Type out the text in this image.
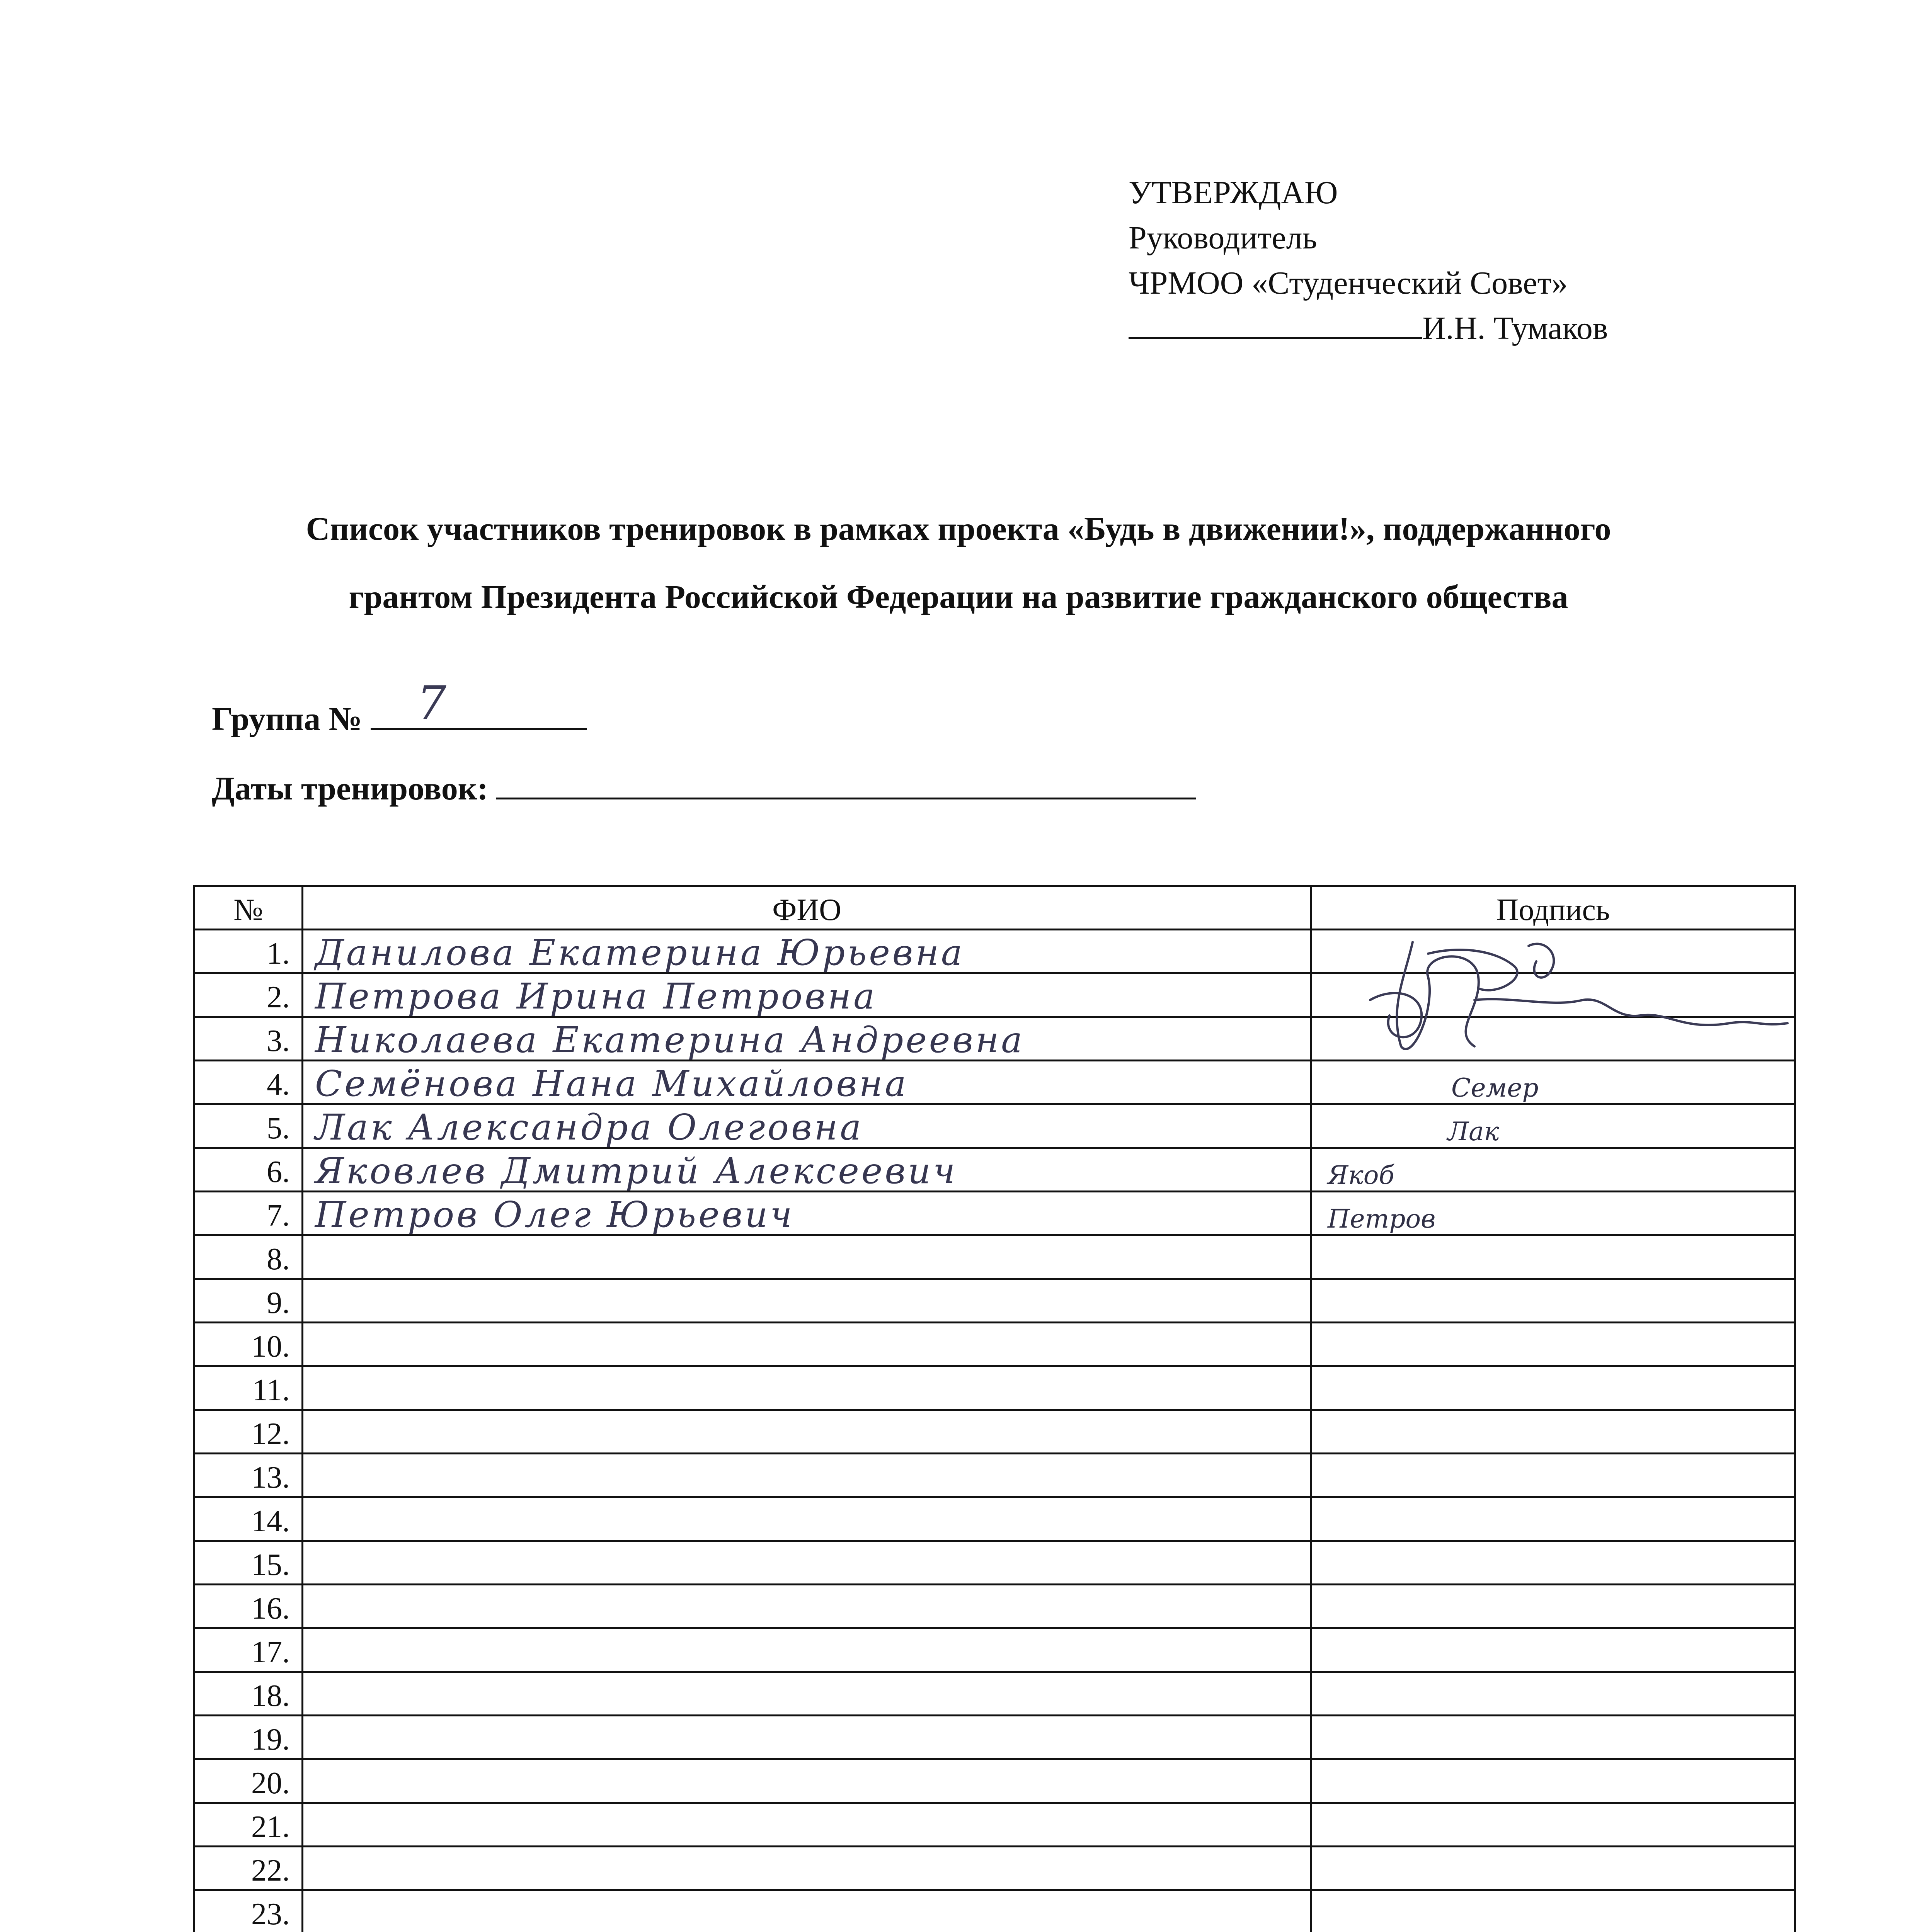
УТВЕРЖДАЮ
Руководитель
ЧРМОО «Студенческий Совет»
И.Н. Тумаков
Список участников тренировок в рамках проекта «Будь в движении!», поддержанного
грантом Президента Российской Федерации на развитие гражданского общества
Группа № 7
Даты тренировок:
№	ФИО	Подпись
1.	Данилова Екатерина Юрьевна

2.	Петрова Ирина Петровна	

3.	Николаева Екатерина Андреевна	

4.	Семёнова Нана Михайловна	Семер

5.	Лак Александра Олеговна	Лак

6.	Яковлев Дмитрий Алексеевич	Якоб

7.	Петров Олег Юрьевич	Петров

8.	

9.	

10.	

11.	

12.	

13.	

14.	

15.	

16.	

17.	

18.	

19.	

20.	

21.	

22.	

23.	
